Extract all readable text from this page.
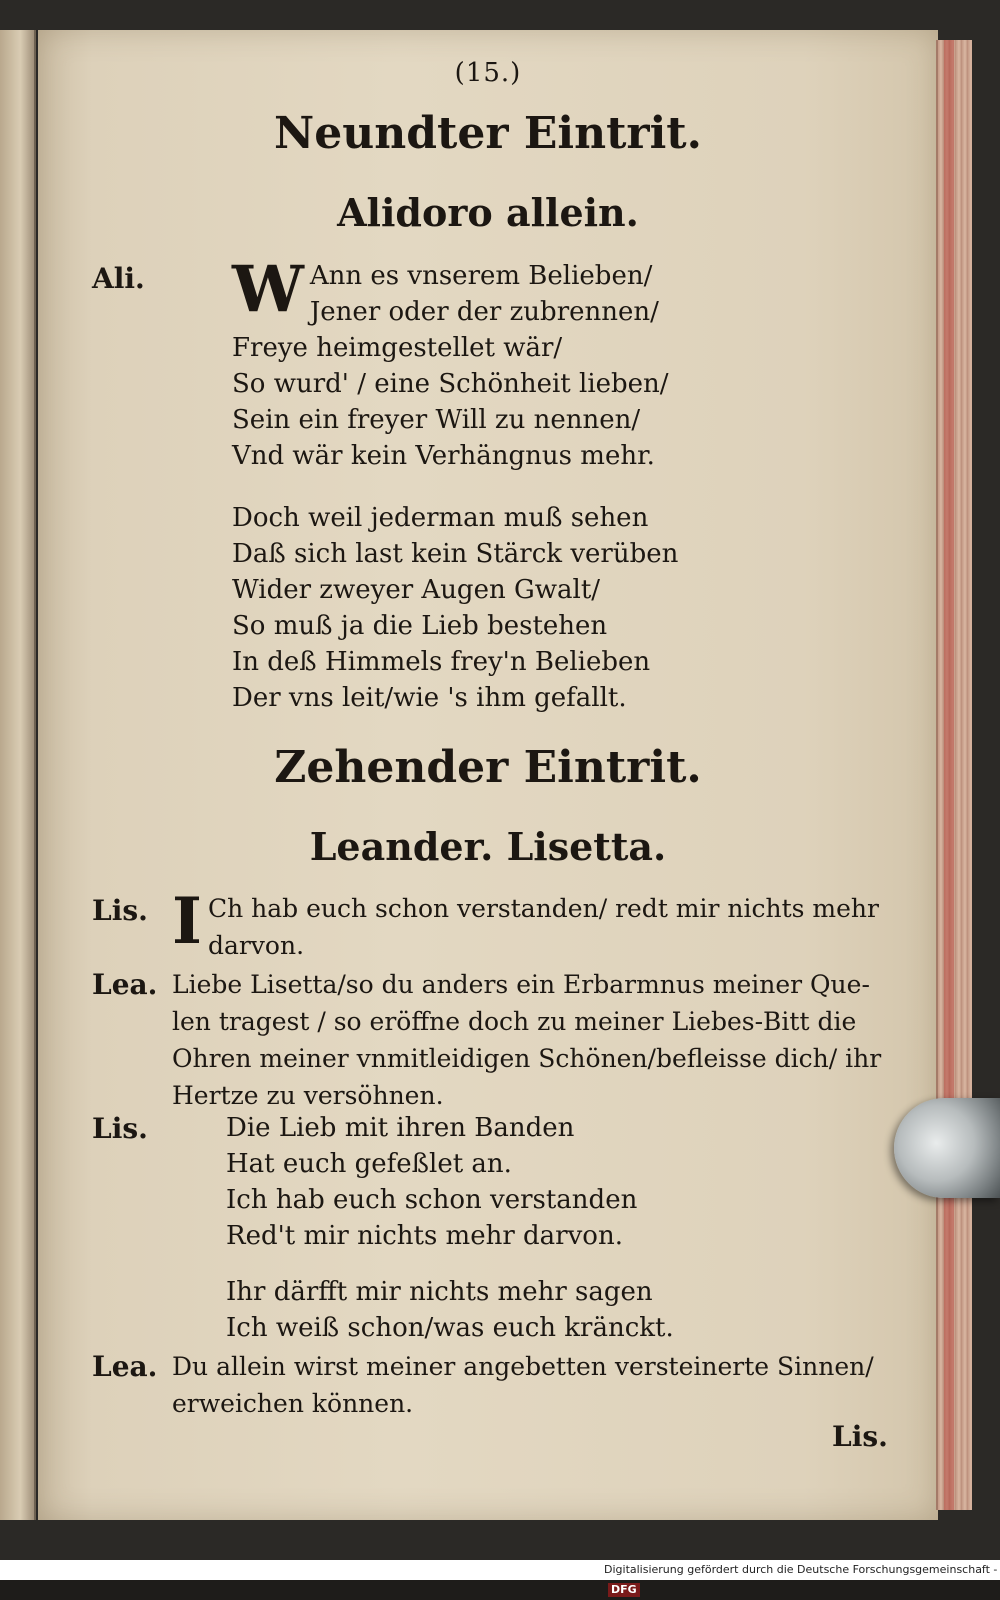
(15.)
Neundter Eintrit.
Alidoro allein.
Ali. W Ann es vnserem Belieben/
Jener oder der zubrennen/
Freye heimgestellet wär/
So wurd' / eine Schönheit lieben/
Sein ein freyer Will zu nennen/
Vnd wär kein Verhängnus mehr.
Doch weil jederman muß sehen
Daß sich last kein Stärck verüben
Wider zweyer Augen Gwalt/
So muß ja die Lieb bestehen
In deß Himmels frey'n Belieben
Der vns leit/wie 's ihm gefallt.
Zehender Eintrit.
Leander. Lisetta.
Lis. I Ch hab euch schon verstanden/ redt mir nichts mehr
darvon.
Lea. Liebe Lisetta/so du anders ein Erbarmnus meiner Que-
len tragest / so eröffne doch zu meiner Liebes-Bitt die
Ohren meiner vnmitleidigen Schönen/befleisse dich/ ihr
Hertze zu versöhnen.
Lis.	Die Lieb mit ihren Banden
Hat euch gefeßlet an.
Ich hab euch schon verstanden
Red't mir nichts mehr darvon.
Ihr därfft mir nichts mehr sagen
Ich weiß schon/was euch kränckt.
Lea. Du allein wirst meiner angebetten versteinerte Sinnen/
erweichen können.
Lis.
Digitalisierung gefördert durch die Deutsche Forschungsgemeinschaft -DFG
